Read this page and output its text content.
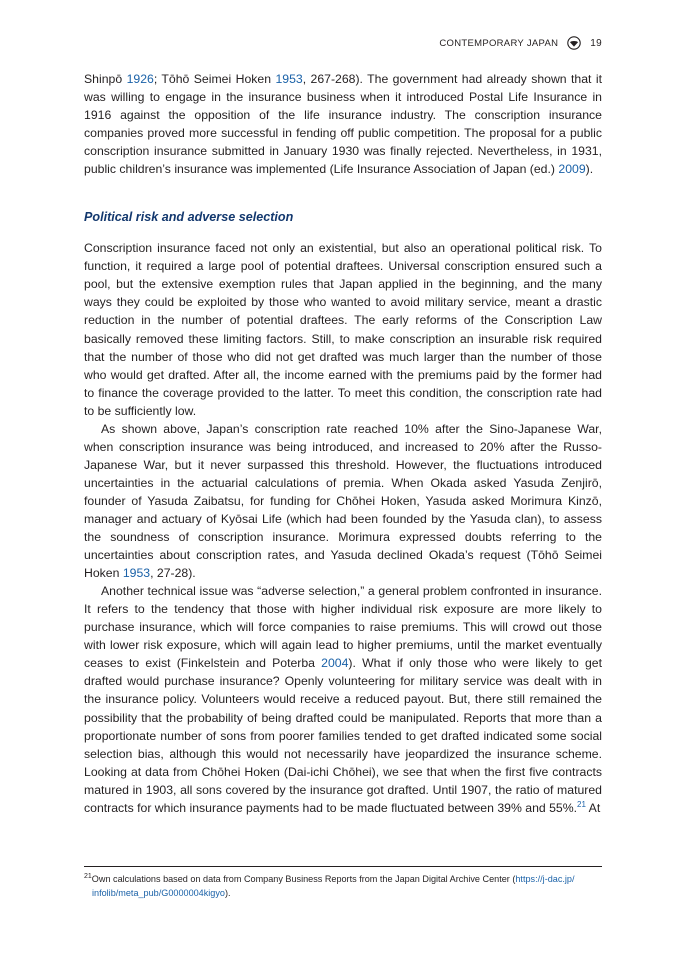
CONTEMPORARY JAPAN	19

Shinpō 1926; Tōhō Seimei Hoken 1953, 267-268). The government had already shown that it was willing to engage in the insurance business when it introduced Postal Life Insurance in 1916 against the opposition of the life insurance industry. The conscription insurance companies proved more successful in fending off public competition. The proposal for a public conscription insurance submitted in January 1930 was finally rejected. Nevertheless, in 1931, public children’s insurance was implemented (Life Insurance Association of Japan (ed.) 2009).

Political risk and adverse selection

Conscription insurance faced not only an existential, but also an operational political risk. To function, it required a large pool of potential draftees. Universal conscription ensured such a pool, but the extensive exemption rules that Japan applied in the beginning, and the many ways they could be exploited by those who wanted to avoid military service, meant a drastic reduction in the number of potential draftees. The early reforms of the Conscription Law basically removed these limiting factors. Still, to make conscription an insurable risk required that the number of those who did not get drafted was much larger than the number of those who would get drafted. After all, the income earned with the premiums paid by the former had to finance the coverage provided to the latter. To meet this condition, the conscription rate had to be sufficiently low.

As shown above, Japan’s conscription rate reached 10% after the Sino-Japanese War, when conscription insurance was being introduced, and increased to 20% after the Russo-Japanese War, but it never surpassed this threshold. However, the fluctuations introduced uncertainties in the actuarial calculations of premia. When Okada asked Yasuda Zenjirō, founder of Yasuda Zaibatsu, for funding for Chōhei Hoken, Yasuda asked Morimura Kinzō, manager and actuary of Kyōsai Life (which had been founded by the Yasuda clan), to assess the soundness of conscription insurance. Morimura expressed doubts referring to the uncertainties about conscription rates, and Yasuda declined Okada’s request (Tōhō Seimei Hoken 1953, 27-28).

Another technical issue was “adverse selection,” a general problem confronted in insurance. It refers to the tendency that those with higher individual risk exposure are more likely to purchase insurance, which will force companies to raise premiums. This will crowd out those with lower risk exposure, which will again lead to higher premiums, until the market eventually ceases to exist (Finkelstein and Poterba 2004). What if only those who were likely to get drafted would purchase insurance? Openly volunteering for military service was dealt with in the insurance policy. Volunteers would receive a reduced payout. But, there still remained the possibility that the probability of being drafted could be manipulated. Reports that more than a proportionate number of sons from poorer families tended to get drafted indicated some social selection bias, although this would not necessarily have jeopardized the insurance scheme. Looking at data from Chōhei Hoken (Dai-ichi Chōhei), we see that when the first five contracts matured in 1903, all sons covered by the insurance got drafted. Until 1907, the ratio of matured contracts for which insurance payments had to be made fluctuated between 39% and 55%.$^{21}$ At

$^{21}$Own calculations based on data from Company Business Reports from the Japan Digital Archive Center (https://j-dac.jp/
infolib/meta_pub/G0000004kigyo).
